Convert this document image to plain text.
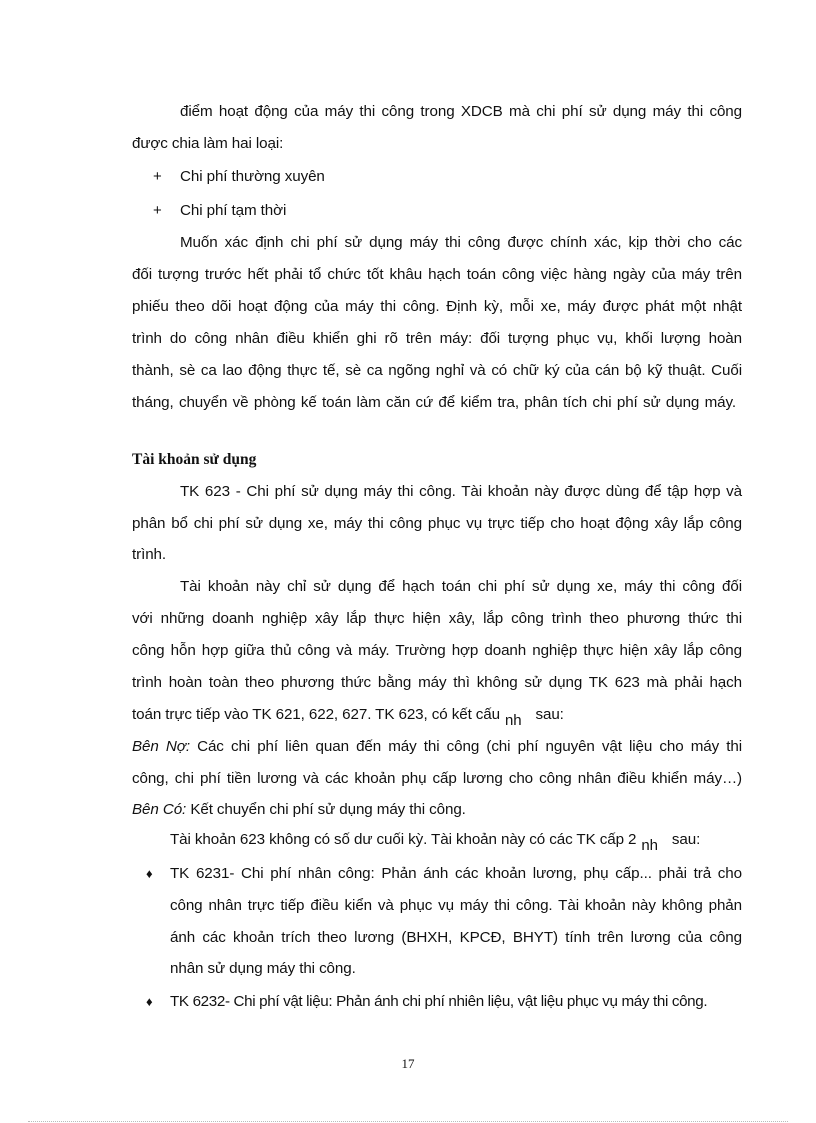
điểm hoạt động của máy thi công trong XDCB mà chi phí sử dụng máy thi công
được chia làm hai loại:
+ Chi phí thường xuyên
+ Chi phí tạm thời
Muốn xác định chi phí sử dụng máy thi công được chính xác, kịp thời cho các
đối tượng trước hết phải tổ chức tốt khâu hạch toán công việc hàng ngày của máy trên
phiếu theo dõi hoạt động của máy thi công. Định kỳ, mỗi xe, máy được phát một nhật
trình do công nhân điều khiển ghi rõ trên máy: đối tượng phục vụ, khối lượng hoàn
thành, sè ca lao động thực tế, sè ca ngõng nghỉ và có chữ ký của cán bộ kỹ thuật. Cuối
tháng, chuyển về phòng kế toán làm căn cứ để kiểm tra, phân tích chi phí sử dụng máy.
Tài khoản sử dụng
TK 623 - Chi phí sử dụng máy thi công. Tài khoản này được dùng để tập hợp và
phân bổ chi phí sử dụng xe, máy thi công phục vụ trực tiếp cho hoạt động xây lắp công
trình.
Tài khoản này chỉ sử dụng để hạch toán chi phí sử dụng xe, máy thi công đối
với những doanh nghiệp xây lắp thực hiện xây, lắp công trình theo phương thức thi
công hỗn hợp giữa thủ công và máy. Trường hợp doanh nghiệp thực hiện xây lắp công
trình hoàn toàn theo phương thức bằng máy thì không sử dụng TK 623 mà phải hạch
toán trực tiếp vào TK 621, 622, 627. TK 623, có kết cấu nh sau:
Bên Nợ: Các chi phí liên quan đến máy thi công (chi phí nguyên vật liệu cho máy thi
công, chi phí tiền lương và các khoản phụ cấp lương cho công nhân điều khiển máy…)
Bên Có: Kết chuyển chi phí sử dụng máy thi công.
Tài khoản 623 không có số dư cuối kỳ. Tài khoản này có các TK cấp 2 nh sau:
♦ TK 6231- Chi phí nhân công: Phản ánh các khoản lương, phụ cấp... phải trả cho
công nhân trực tiếp điều kiển và phục vụ máy thi công. Tài khoản này không phản
ánh các khoản trích theo lương (BHXH, KPCĐ, BHYT) tính trên lương của công
nhân sử dụng máy thi công.
♦ TK 6232- Chi phí vật liệu: Phản ánh chi phí nhiên liệu, vật liệu phục vụ máy thi công.
17
